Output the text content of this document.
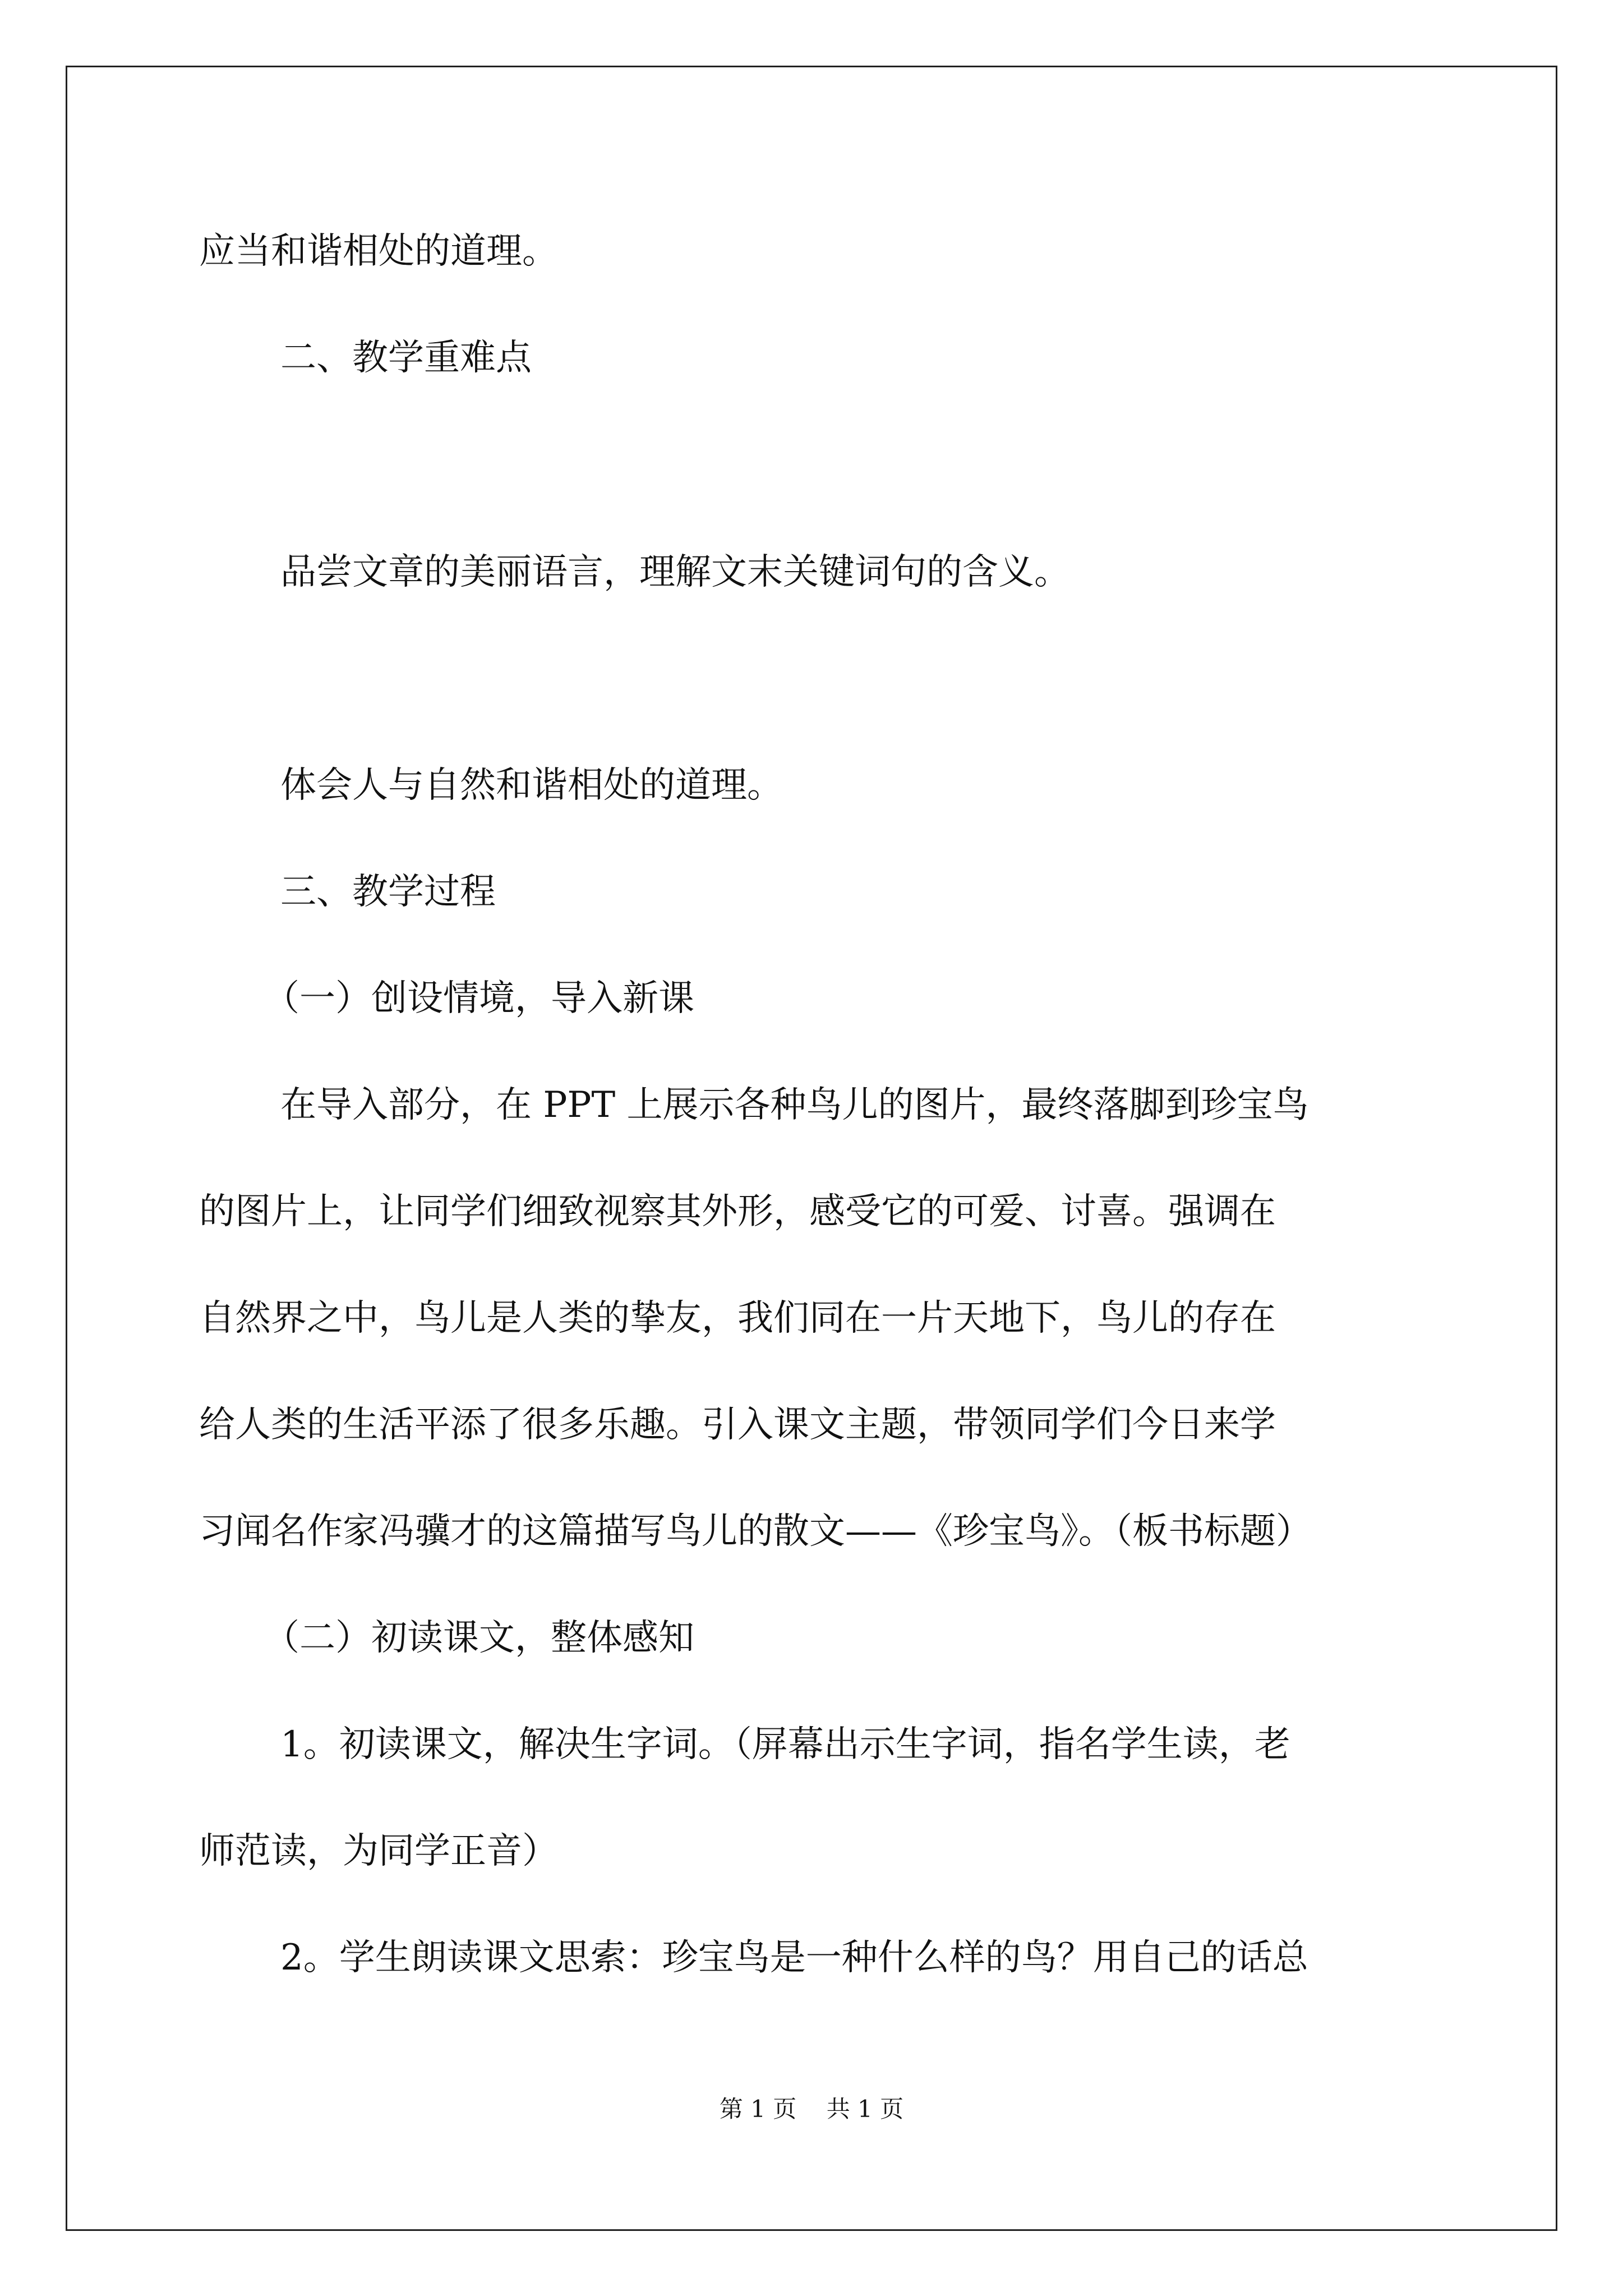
应当和谐相处的道理。

二、教学重难点

品尝文章的美丽语言，理解文末关键词句的含义。

体会人与自然和谐相处的道理。

三、教学过程

（一）创设情境，导入新课

在导入部分，在 PPT 上展示各种鸟儿的图片，最终落脚到珍宝鸟

的图片上，让同学们细致视察其外形，感受它的可爱、讨喜。强调在

自然界之中，鸟儿是人类的挚友，我们同在一片天地下，鸟儿的存在

给人类的生活平添了很多乐趣。引入课文主题，带领同学们今日来学

习闻名作家冯骥才的这篇描写鸟儿的散文——《珍宝鸟》。（板书标题）

（二）初读课文，整体感知

1。初读课文，解决生字词。（屏幕出示生字词，指名学生读，老

师范读，为同学正音）

2。学生朗读课文思索：珍宝鸟是一种什么样的鸟？用自己的话总

第 1 页 共 1 页
